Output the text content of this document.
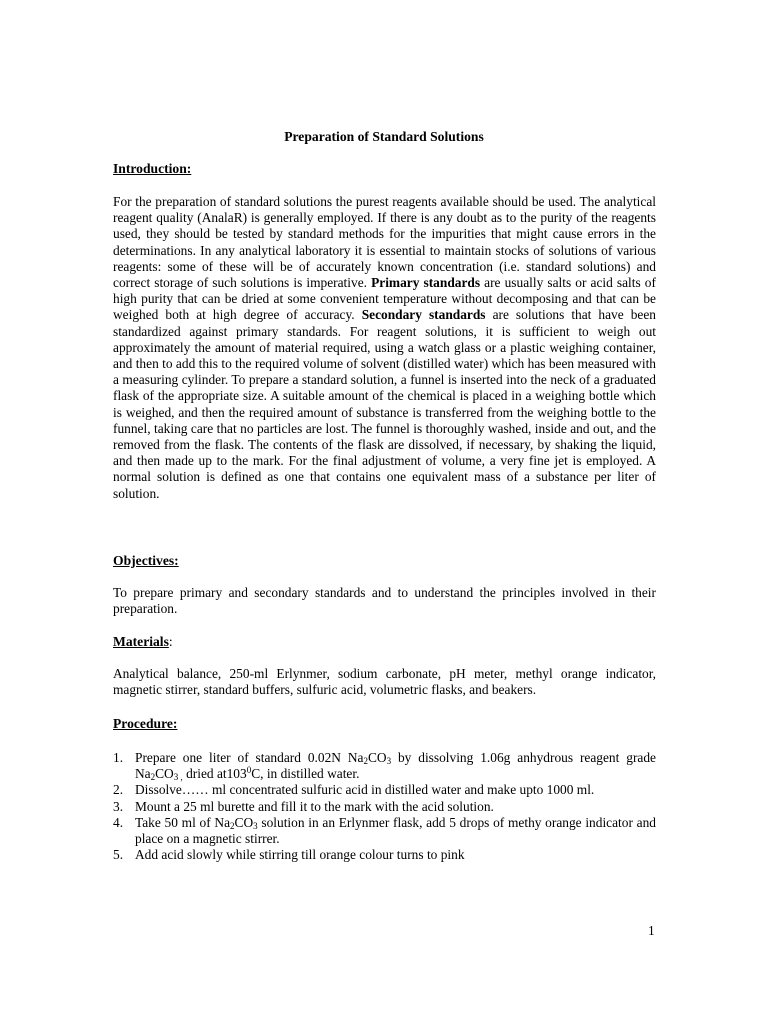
Preparation of Standard Solutions
Introduction:
For the preparation of standard solutions the purest reagents available should be used. The analytical reagent quality (AnalaR) is generally employed. If there is any doubt as to the purity of the reagents used, they should be tested by standard methods for the impurities that might cause errors in the determinations. In any analytical laboratory it is essential to maintain stocks of solutions of various reagents: some of these will be of accurately known concentration (i.e. standard solutions) and correct storage of such solutions is imperative. Primary standards are usually salts or acid salts of high purity that can be dried at some convenient temperature without decomposing and that can be weighed both at high degree of accuracy. Secondary standards are solutions that have been standardized against primary standards. For reagent solutions, it is sufficient to weigh out approximately the amount of material required, using a watch glass or a plastic weighing container, and then to add this to the required volume of solvent (distilled water) which has been measured with a measuring cylinder. To prepare a standard solution, a funnel is inserted into the neck of a graduated flask of the appropriate size. A suitable amount of the chemical is placed in a weighing bottle which is weighed, and then the required amount of substance is transferred from the weighing bottle to the funnel, taking care that no particles are lost. The funnel is thoroughly washed, inside and out, and the removed from the flask. The contents of the flask are dissolved, if necessary, by shaking the liquid, and then made up to the mark. For the final adjustment of volume, a very fine jet is employed. A normal solution is defined as one that contains one equivalent mass of a substance per liter of solution.
Objectives:
To prepare primary and secondary standards and to understand the principles involved in their preparation.
Materials:
Analytical balance, 250-ml Erlynmer, sodium carbonate, pH meter, methyl orange indicator, magnetic stirrer, standard buffers, sulfuric acid, volumetric flasks, and beakers.
Procedure:
1. Prepare one liter of standard 0.02N $Na_2CO_3$ by dissolving 1.06g anhydrous reagent grade $Na_2CO_{3 ,}$ dried $at103^0C$, in distilled water.
2. Dissolve…… ml concentrated sulfuric acid in distilled water and make upto 1000 ml.
3. Mount a 25 ml burette and fill it to the mark with the acid solution.
4. Take 50 ml of $Na_2CO_3$ solution in an Erlynmer flask, add 5 drops of methy orange indicator and place on a magnetic stirrer.
5. Add acid slowly while stirring till orange colour turns to pink
1
